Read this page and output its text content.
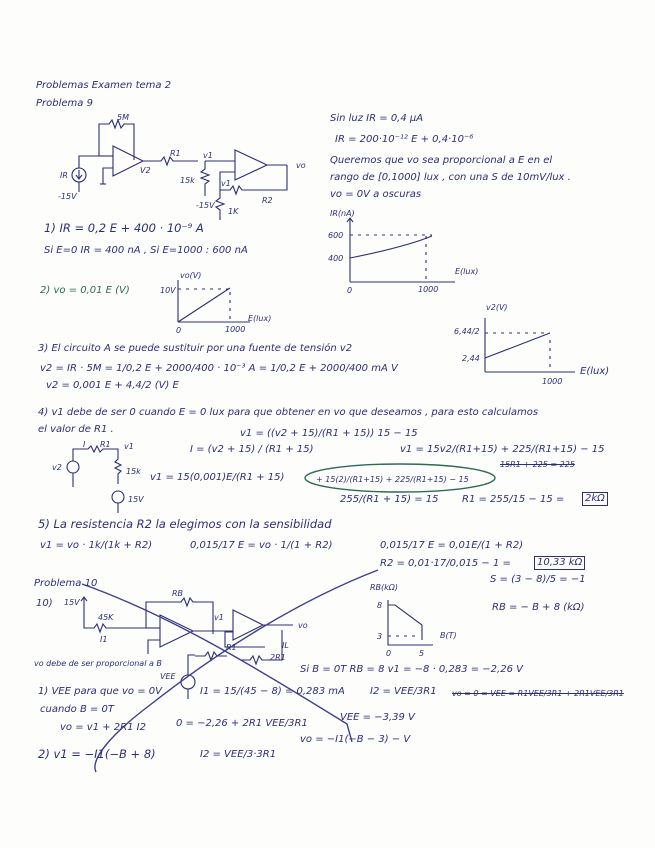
Problemas Examen tema 2
Problema 9
IR
-15V
5M
V2
R1	v1
15k
-15V
vo
1K
R2
v1
Sin luz IR = 0,4 µA
IR = 200·10⁻¹² E + 0,4·10⁻⁶
Queremos que vo sea proporcional a E en el
rango de [0,1000] lux , con una S de 10mV/lux .
vo = 0V a oscuras
1) IR = 0,2 E + 400 · 10⁻⁹ A
Si E=0 IR = 400 nA , Si E=1000 : 600 nA
IR(nA)
600
400
0	1000
E(lux)
2) vo = 0,01 E (V)
vo(V)
10V
0	1000
E(lux)
v2(V)
6,44/2
2,44
1000
E(lux)
3) El circuito A se puede sustituir por una fuente de tensión v2
v2 = IR · 5M = 1/0,2 E + 2000/400 · 10⁻³ A = 1/0,2 E + 2000/400 mA V
v2 = 0,001 E + 4,4/2 (V) E
4) v1 debe de ser 0 cuando E = 0 lux para que obtener en vo que deseamos , para esto calculamos
el valor de R1 .
I R1 v1
v2	15k
15V
v1 = ((v2 + 15)/(R1 + 15)) 15 − 15
I = (v2 + 15) / (R1 + 15)	v1 = 15v2/(R1+15) + 225/(R1+15) − 15
15R1 + 225 = 225
v1 = 15(0,001)E/(R1 + 15)	+ 15(2)/(R1+15) + 225/(R1+15) − 15
255/(R1 + 15) = 15 R1 = 255/15 − 15 =	2kΩ
5) La resistencia R2 la elegimos con la sensibilidad
v1 = vo · 1k/(1k + R2)	0,015/17 E = vo · 1/(1 + R2)	0,015/17 E = 0,01E/(1 + R2)
R2 = 0,01·17/0,015 − 1 =	10,33 kΩ
Problema 10
10) 15V
45K
I1
RB
v1
vo
R1
2R1
IL
VEE
RB(kΩ)
8
3
0	5
B(T)
S = (3 − 8)/5 = −1
RB = − B + 8 (kΩ)
vo debe de ser proporcional a B
Si B = 0T RB = 8 v1 = −8 · 0,283 = −2,26 V
1) VEE para que vo = 0V
cuando B = 0T
vo = v1 + 2R1 I2
I1 = 15/(45 − 8) = 0,283 mA	I2 = VEE/3R1 vo = 0 = VEE = R1VEE/3R1 + 2R1VEE/3R1
0 = −2,26 + 2R1 VEE/3R1
VEE = −3,39 V
vo = −I1(−B − 3) − V
2) v1 = −I1(−B + 8)	I2 = VEE/3·3R1
